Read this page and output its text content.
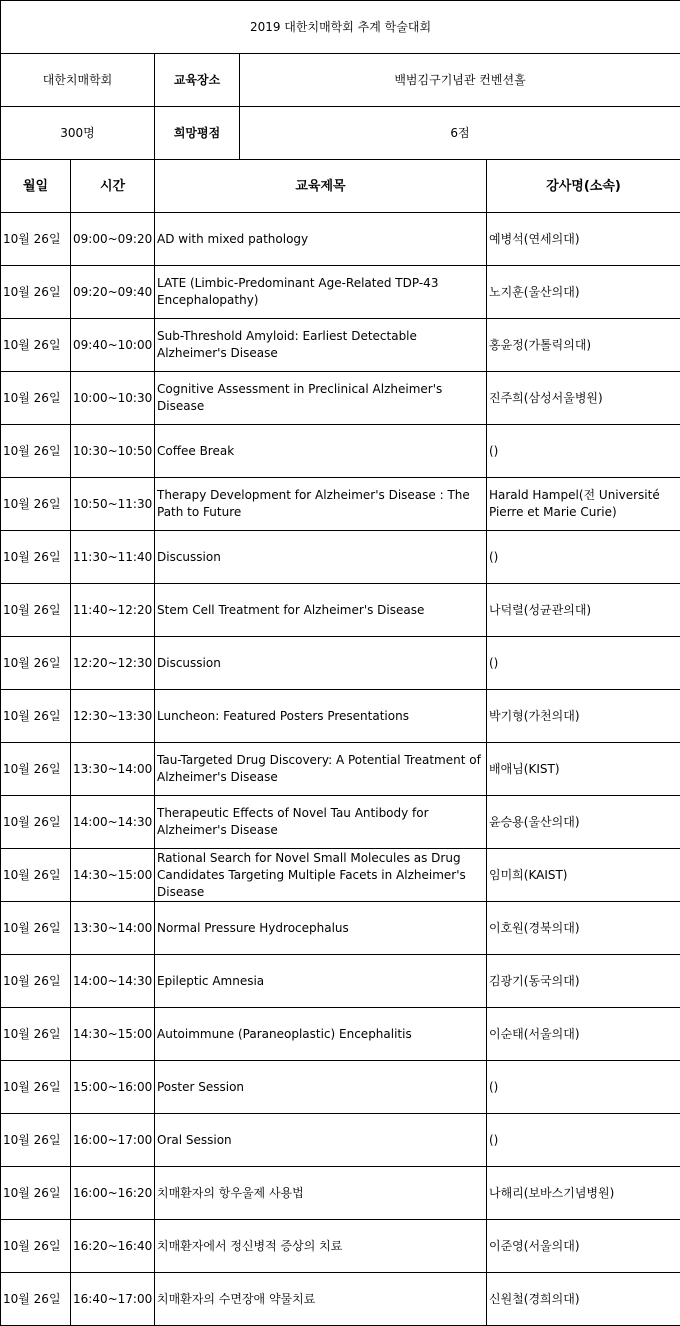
2019 대한치매학회 추계 학술대회				
대한치매학회		교육장소	백범김구기념관 컨벤션홀	
300명		희망평점	6점	
월일	시간	교육제목		강사명(소속)
10월 26일	09:00~09:20	AD with mixed pathology		예병석(연세의대)
10월 26일	09:20~09:40	LATE (Limbic-Predominant Age-Related TDP-43 Encephalopathy)		노지훈(울산의대)
10월 26일	09:40~10:00	Sub-Threshold Amyloid: Earliest Detectable Alzheimer's Disease		홍윤정(가톨릭의대)
10월 26일	10:00~10:30	Cognitive Assessment in Preclinical Alzheimer's Disease		진주희(삼성서울병원)
10월 26일	10:30~10:50	Coffee Break		()
10월 26일	10:50~11:30	Therapy Development for Alzheimer's Disease : The Path to Future		Harald Hampel(전 Université Pierre et Marie Curie)
10월 26일	11:30~11:40	Discussion		()
10월 26일	11:40~12:20	Stem Cell Treatment for Alzheimer's Disease		나덕렬(성균관의대)
10월 26일	12:20~12:30	Discussion		()
10월 26일	12:30~13:30	Luncheon: Featured Posters Presentations		박기형(가천의대)
10월 26일	13:30~14:00	Tau-Targeted Drug Discovery: A Potential Treatment of Alzheimer's Disease		배애님(KIST)
10월 26일	14:00~14:30	Therapeutic Effects of Novel Tau Antibody for Alzheimer's Disease		윤승용(울산의대)
10월 26일	14:30~15:00	Rational Search for Novel Small Molecules as Drug Candidates Targeting Multiple Facets in Alzheimer's Disease		임미희(KAIST)
10월 26일	13:30~14:00	Normal Pressure Hydrocephalus		이호원(경북의대)
10월 26일	14:00~14:30	Epileptic Amnesia		김광기(동국의대)
10월 26일	14:30~15:00	Autoimmune (Paraneoplastic) Encephalitis		이순태(서울의대)
10월 26일	15:00~16:00	Poster Session		()
10월 26일	16:00~17:00	Oral Session		()
10월 26일	16:00~16:20	치매환자의 항우울제 사용법		나해리(보바스기념병원)
10월 26일	16:20~16:40	치매환자에서 정신병적 증상의 치료		이준영(서울의대)
10월 26일	16:40~17:00	치매환자의 수면장애 약물치료		신원철(경희의대)
